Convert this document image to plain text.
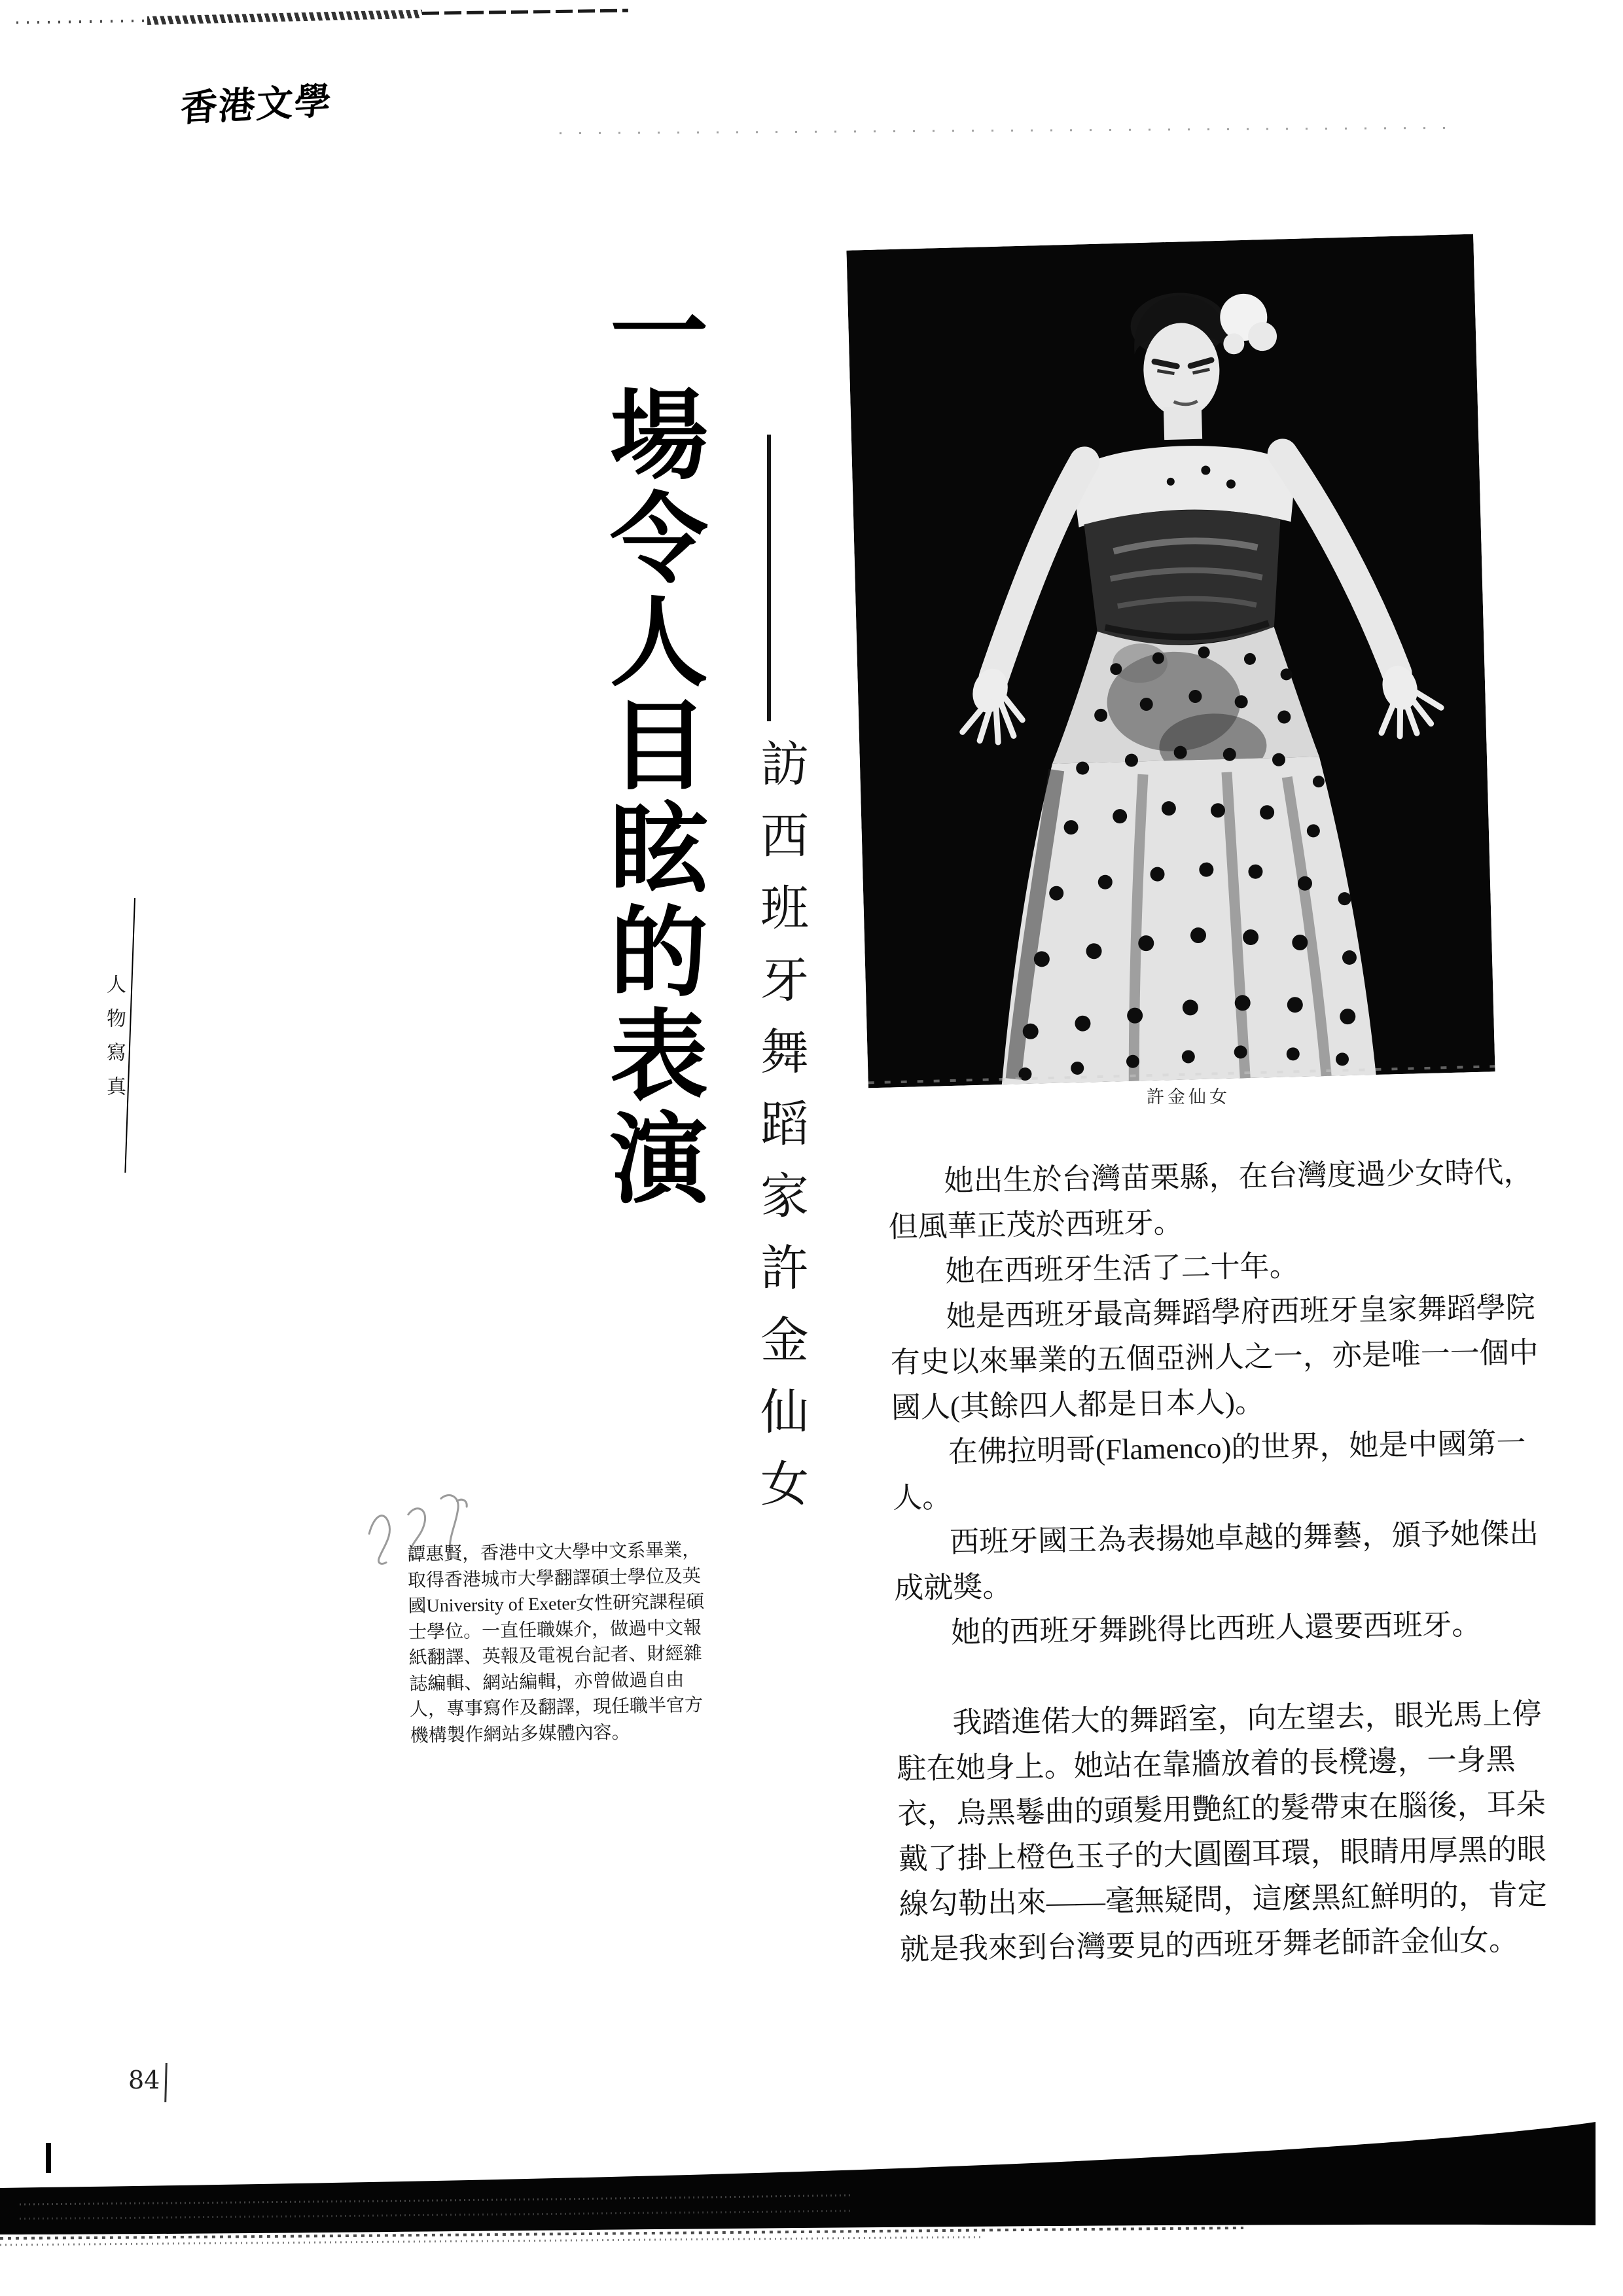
香港文學
人物寫真	一場令人目眩的表演	訪西班牙舞蹈家許金仙女	許金仙女
譚惠賢，香港中文大學中文系畢業，
取得香港城市大學翻譯碩士學位及英
國University of Exeter女性研究課程碩
士學位。一直任職媒介，做過中文報
紙翻譯、英報及電視台記者、財經雜
誌編輯、網站編輯，亦曾做過自由
人，專事寫作及翻譯，現任職半官方
機構製作網站多媒體內容。
她出生於台灣苗栗縣，在台灣度過少女時代，
但風華正茂於西班牙。
她在西班牙生活了二十年。
她是西班牙最高舞蹈學府西班牙皇家舞蹈學院
有史以來畢業的五個亞洲人之一，亦是唯一一個中
國人(其餘四人都是日本人)。
在佛拉明哥(Flamenco)的世界，她是中國第一
人。
西班牙國王為表揚她卓越的舞藝，頒予她傑出
成就獎。
她的西班牙舞跳得比西班人還要西班牙。
我踏進偌大的舞蹈室，向左望去，眼光馬上停
駐在她身上。她站在靠牆放着的長櫈邊，一身黑
衣，烏黑鬈曲的頭髮用艷紅的髮帶束在腦後，耳朵
戴了掛上橙色玉子的大圓圈耳環，眼睛用厚黑的眼
線勾勒出來——毫無疑問，這麼黑紅鮮明的，肯定
就是我來到台灣要見的西班牙舞老師許金仙女。
84
